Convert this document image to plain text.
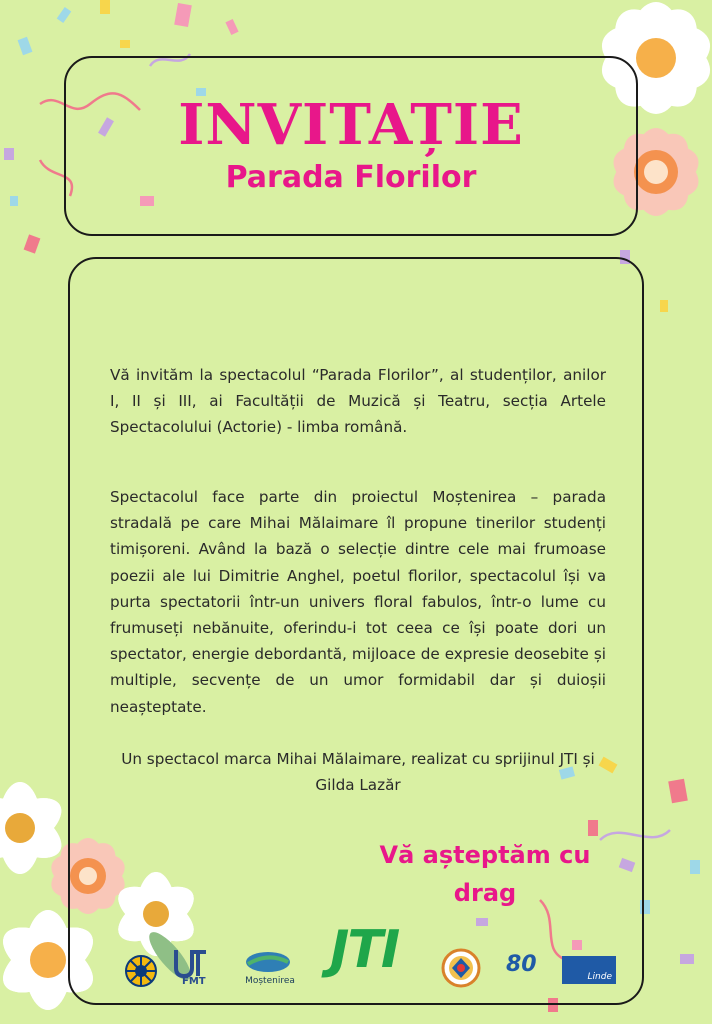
INVITAȚIE
Parada Florilor

Vă invităm la spectacolul “Parada Florilor”, al studenților, anilor I, II și III, ai Facultății de Muzică și Teatru, secția Artele Spectacolului (Actorie) - limba română.

Spectacolul face parte din proiectul Moștenirea – parada stradală pe care Mihai Mălaimare îl propune tinerilor studenți timișoreni. Având la bază o selecție dintre cele mai frumoase poezii ale lui Dimitrie Anghel, poetul florilor, spectacolul își va purta spectatorii într-un univers floral fabulos, într-o lume cu frumuseți nebănuite, oferindu-i tot ceea ce își poate dori un spectator, energie debordantă, mijloace de expresie deosebite și multiple, secvențe de un umor formidabil dar și duioșii neașteptate.

Un spectacol marca Mihai Mălaimare, realizat cu sprijinul JTI și Gilda Lazăr

Vă așteptăm cu drag

FMT	Moștenirea
JTI	80	Linde
